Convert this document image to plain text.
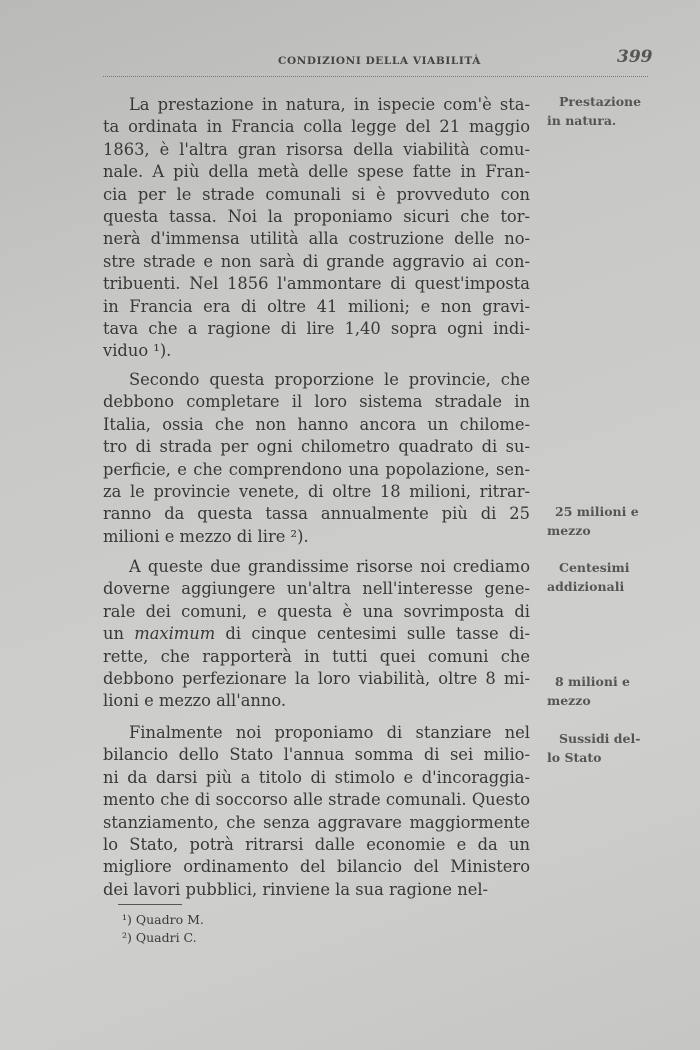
CONDIZIONI DELLA VIABILITÀ	399
La prestazione in natura, in ispecie com'è sta-
ta ordinata in Francia colla legge del 21 maggio
1863, è l'altra gran risorsa della viabilità comu-
nale. A più della metà delle spese fatte in Fran-
cia per le strade comunali si è provveduto con
questa tassa. Noi la proponiamo sicuri che tor-
nerà d'immensa utilità alla costruzione delle no-
stre strade e non sarà di grande aggravio ai con-
tribuenti. Nel 1856 l'ammontare di quest'imposta
in Francia era di oltre 41 milioni; e non gravi-
tava che a ragione di lire 1,40 sopra ogni indi-
viduo ¹).
Secondo questa proporzione le provincie, che
debbono completare il loro sistema stradale in
Italia, ossia che non hanno ancora un chilome-
tro di strada per ogni chilometro quadrato di su-
perficie, e che comprendono una popolazione, sen-
za le provincie venete, di oltre 18 milioni, ritrar-
ranno da questa tassa annualmente più di 25
milioni e mezzo di lire ²).
A queste due grandissime risorse noi crediamo
doverne aggiungere un'altra nell'interesse gene-
rale dei comuni, e questa è una sovrimposta di
un maximum di cinque centesimi sulle tasse di-
rette, che rapporterà in tutti quei comuni che
debbono perfezionare la loro viabilità, oltre 8 mi-
lioni e mezzo all'anno.
Finalmente noi proponiamo di stanziare nel
bilancio dello Stato l'annua somma di sei milio-
ni da darsi più a titolo di stimolo e d'incoraggia-
mento che di soccorso alle strade comunali. Questo
stanziamento, che senza aggravare maggiormente
lo Stato, potrà ritrarsi dalle economie e da un
migliore ordinamento del bilancio del Ministero
dei lavori pubblici, rinviene la sua ragione nel-
Prestazione
in natura.
25 milioni e
mezzo
Centesimi
addizionali
8 milioni e
mezzo
Sussidi del-
lo Stato
¹) Quadro M.
²) Quadri C.
